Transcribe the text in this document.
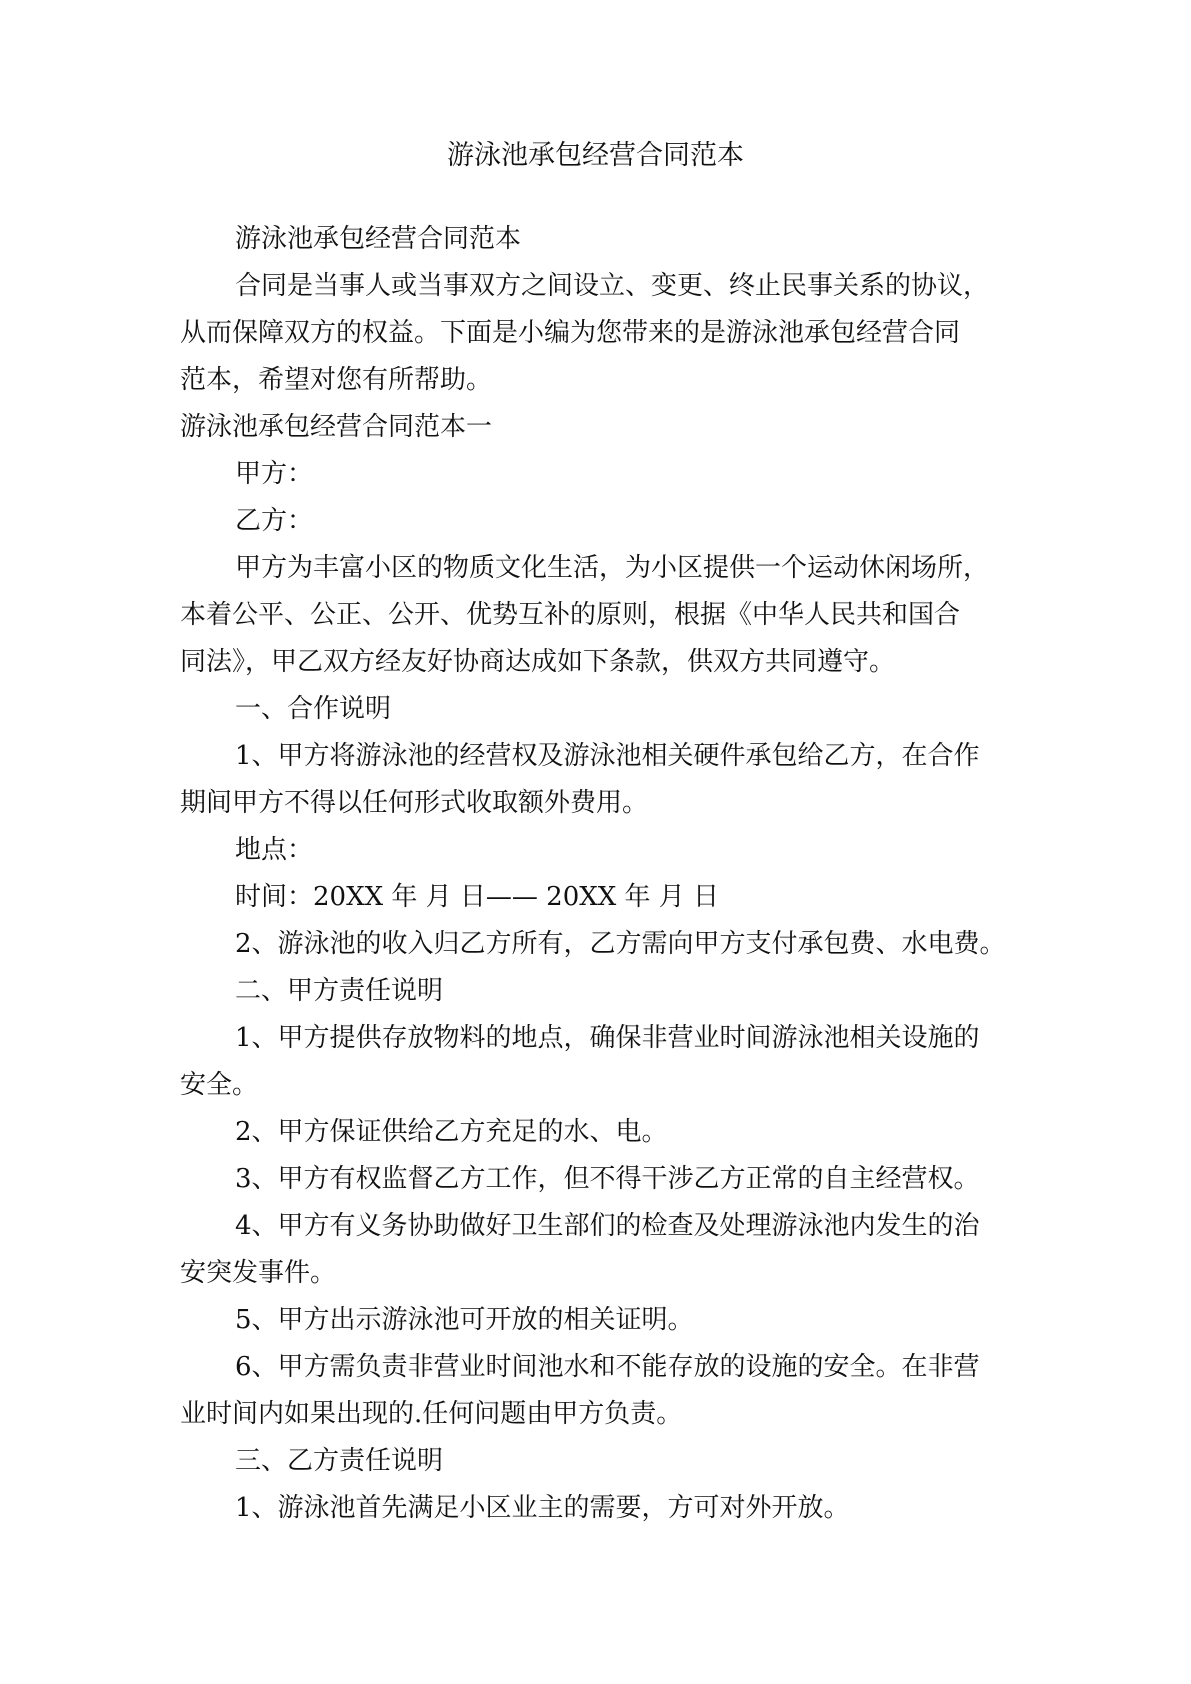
游泳池承包经营合同范本
游泳池承包经营合同范本
合同是当事人或当事双方之间设立、变更、终止民事关系的协议，
从而保障双方的权益。下面是小编为您带来的是游泳池承包经营合同
范本，希望对您有所帮助。
游泳池承包经营合同范本一
甲方：
乙方：
甲方为丰富小区的物质文化生活，为小区提供一个运动休闲场所，
本着公平、公正、公开、优势互补的原则，根据《中华人民共和国合
同法》，甲乙双方经友好协商达成如下条款，供双方共同遵守。
一、合作说明
1、甲方将游泳池的经营权及游泳池相关硬件承包给乙方，在合作
期间甲方不得以任何形式收取额外费用。
地点：
时间：20XX 年 月 日—— 20XX 年 月 日
2、游泳池的收入归乙方所有，乙方需向甲方支付承包费、水电费。
二、甲方责任说明
1、甲方提供存放物料的地点，确保非营业时间游泳池相关设施的
安全。
2、甲方保证供给乙方充足的水、电。
3、甲方有权监督乙方工作，但不得干涉乙方正常的自主经营权。
4、甲方有义务协助做好卫生部们的检查及处理游泳池内发生的治
安突发事件。
5、甲方出示游泳池可开放的相关证明。
6、甲方需负责非营业时间池水和不能存放的设施的安全。在非营
业时间内如果出现的.任何问题由甲方负责。
三、乙方责任说明
1、游泳池首先满足小区业主的需要，方可对外开放。
